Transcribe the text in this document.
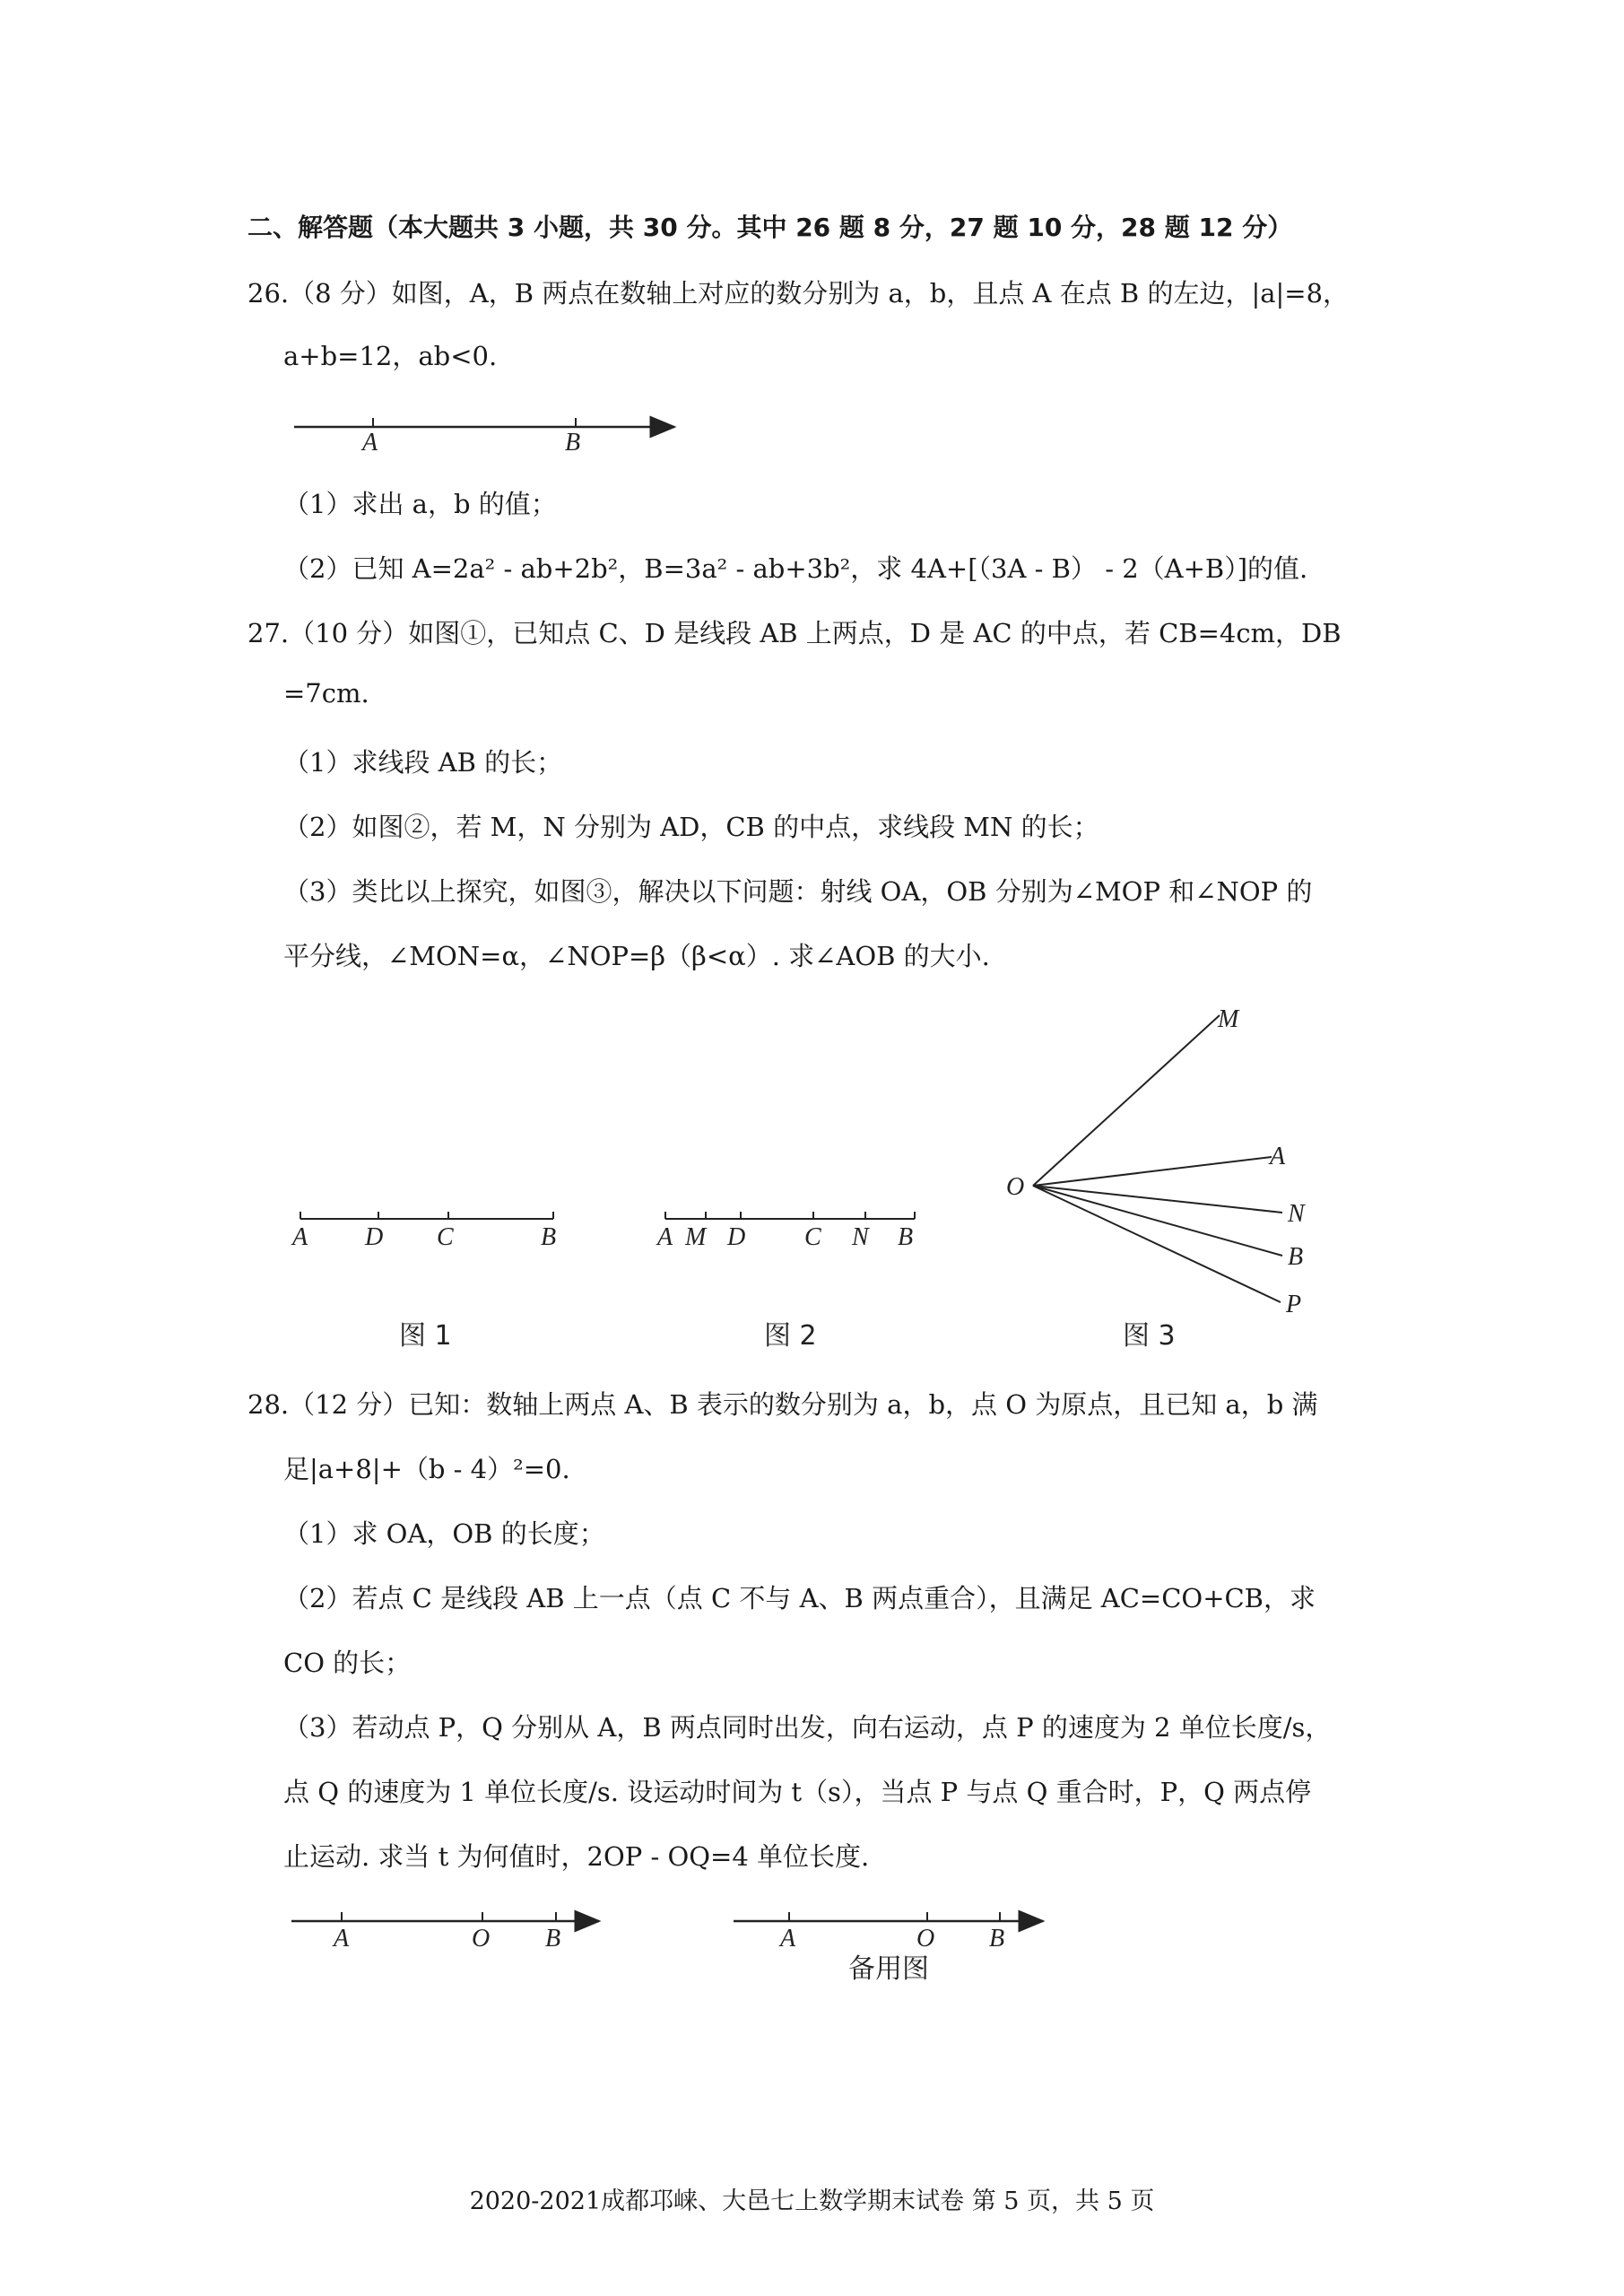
二、解答题（本大题共 3 小题，共 30 分。其中 26 题 8 分，27 题 10 分，28 题 12 分）
26.（8 分）如图，A，B 两点在数轴上对应的数分别为 a，b，且点 A 在点 B 的左边，|a|=8，
a+b=12，ab<0.
A	B
A D C	B
图 1
A M D C N B
图 2
M
A
O
N
B
P
图 3
A	O B	A	O B
备用图
（1）求出 a，b 的值；
（2）已知 A=2a² - ab+2b²，B=3a² - ab+3b²，求 4A+[（3A - B） - 2（A+B）]的值.
27.（10 分）如图①，已知点 C、D 是线段 AB 上两点，D 是 AC 的中点，若 CB=4cm，DB
=7cm.
（1）求线段 AB 的长；
（2）如图②，若 M，N 分别为 AD，CB 的中点，求线段 MN 的长；
（3）类比以上探究，如图③，解决以下问题：射线 OA，OB 分别为∠MOP 和∠NOP 的
平分线，∠MON=α，∠NOP=β（β<α）. 求∠AOB 的大小.
28.（12 分）已知：数轴上两点 A、B 表示的数分别为 a，b，点 O 为原点，且已知 a，b 满
足|a+8|+（b - 4）²=0.
（1）求 OA，OB 的长度；
（2）若点 C 是线段 AB 上一点（点 C 不与 A、B 两点重合），且满足 AC=CO+CB，求
CO 的长；
（3）若动点 P，Q 分别从 A，B 两点同时出发，向右运动，点 P 的速度为 2 单位长度/s，
点 Q 的速度为 1 单位长度/s. 设运动时间为 t（s），当点 P 与点 Q 重合时，P，Q 两点停
止运动. 求当 t 为何值时，2OP - OQ=4 单位长度.
2020-2021成都邛崃、大邑七上数学期末试卷 第 5 页，共 5 页
